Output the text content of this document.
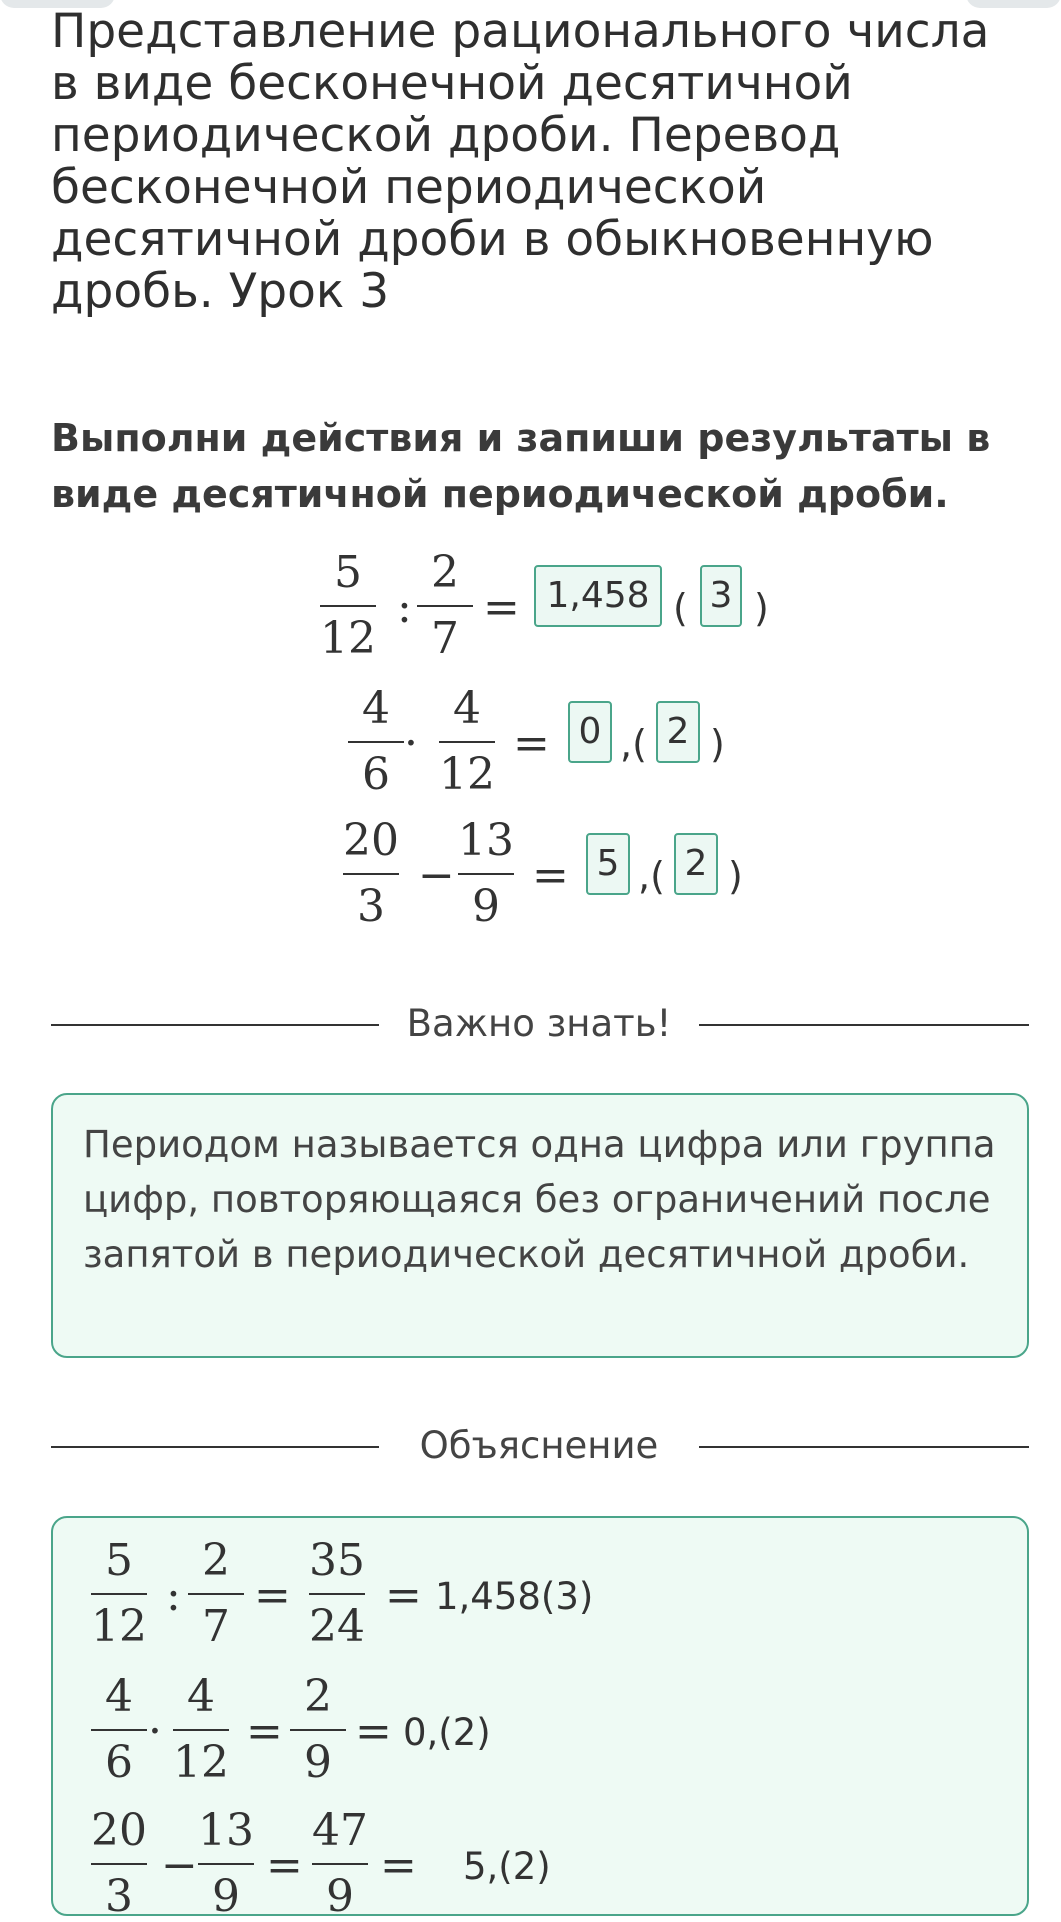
Представление рационального числа в виде бесконечной десятичной периодической дроби. Перевод бесконечной периодической десятичной дроби в обыкновенную дробь. Урок 3

Выполни действия и запиши результаты в виде десятичной периодической дроби.

5
12
:
2
7
= 1,458 ( 3 )
4
6
·
4
12
= 0 ,( 2 )
20
3
−
13
9
= 5 ,( 2 )
Важно знать!

Периодом называется одна цифра или группа цифр, повторяющаяся без ограничений после запятой в периодической десятичной дроби.

Объяснение
5
12
:
2
7
=
35
24
= 1,458(3)
4
6
·
4
12
=
2
9
= 0,(2)
20
3
−
13
9
=
47
9
= 5,(2)
